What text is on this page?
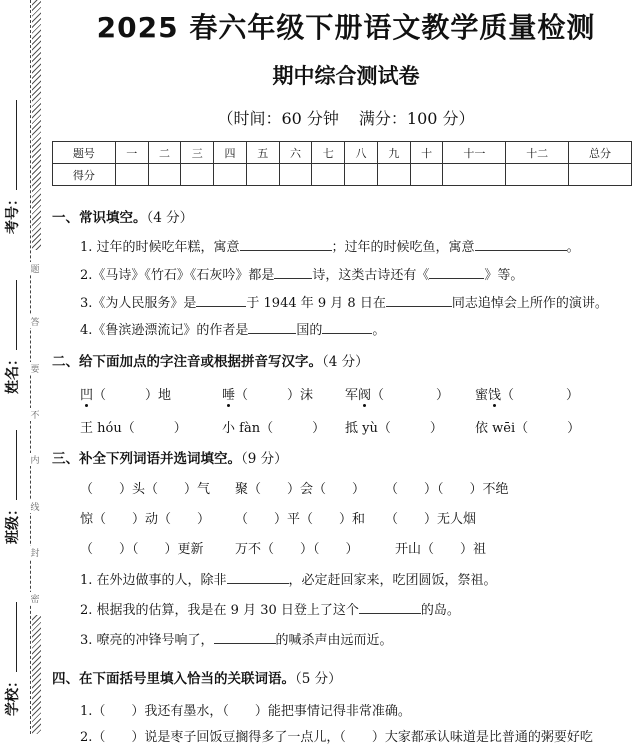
题
答
要
不
内
线
封
密
学校：
班级：
姓名：
考号：
2025 春六年级下册语文教学质量检测
期中综合测试卷
（时间：60 分钟 满分：100 分）
题号	一	二	三	四	五	六	七	八	九	十	十一	十二	总分
得分													
一、常识填空。（4 分）
1. 过年的时候吃年糕，寓意	；过年的时候吃鱼，寓意	。
2.《马诗》《竹石》《石灰吟》都是	诗，这类古诗还有《	》等。
3.《为人民服务》是	于 1944 年 9 月 8 日在	同志追悼会上所作的演讲。
4.《鲁滨逊漂流记》的作者是	国的	。
二、给下面加点的字注音或根据拼音写汉字。（4 分）
凹（　　　）地	唾（　　　）沫 军阀（　　　　） 蜜饯（　　　　）
王 hóu（　　　）	小 fàn（　　　） 抵 yù（　　　） 依 wēi（　　　）
三、补全下列词语并选词填空。（9 分）
（　　）头（　　）气 聚（　　）会（　　） （　　）（　　）不绝
惊（　　）动（　　） （　　）平（　　）和 （　　）无人烟
（　　）（　　）更新 万不（　　）（　　）	开山（　　）祖
1. 在外边做事的人，除非	，必定赶回家来，吃团圆饭，祭祖。
2. 根据我的估算，我是在 9 月 30 日登上了这个	的岛。
3. 嘹亮的冲锋号响了，	的喊杀声由远而近。
四、在下面括号里填入恰当的关联词语。（5 分）
1.（　　）我还有墨水，（　　）能把事情记得非常准确。
2.（　　）说是枣子回饭豆搁得多了一点儿，（　　）大家都承认味道是比普通的粥要好吃
